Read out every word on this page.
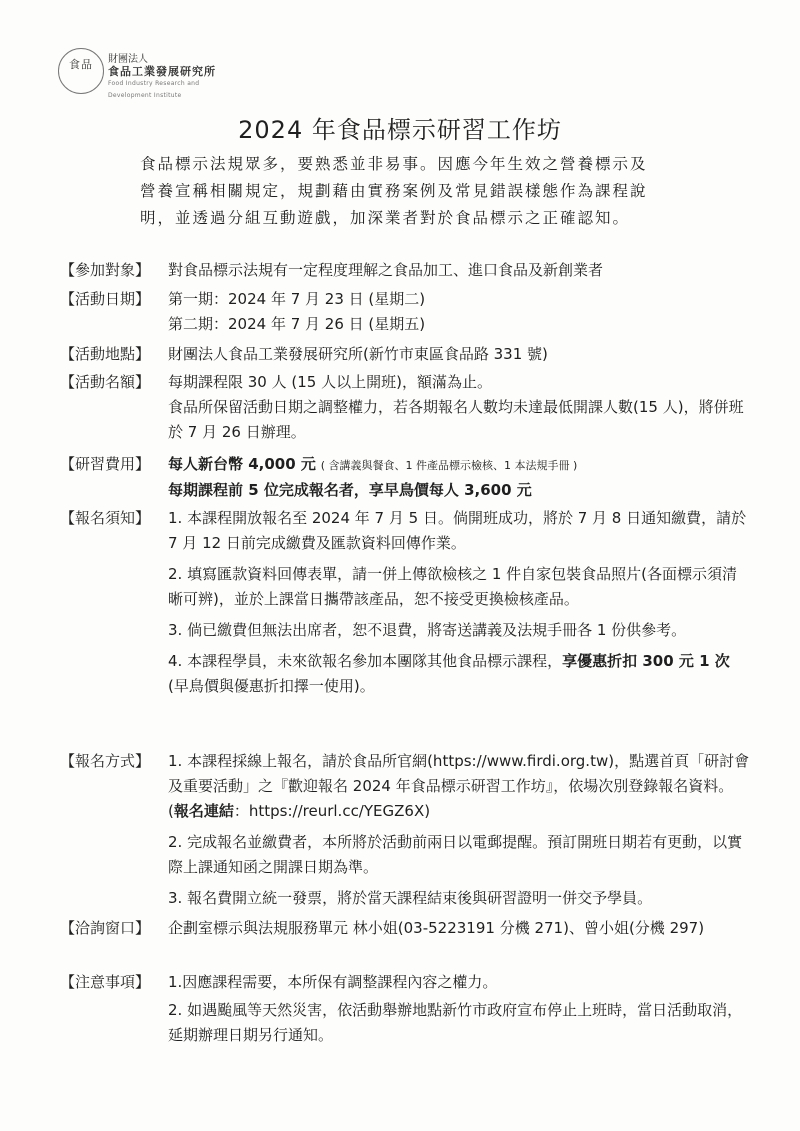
食品	財團法人
食品工業發展研究所
Food Industry Research and Development Institute
2024 年食品標示研習工作坊

食品標示法規眾多，要熟悉並非易事。因應今年生效之營養標示及

營養宣稱相關規定，規劃藉由實務案例及常見錯誤樣態作為課程說

明，並透過分組互動遊戲，加深業者對於食品標示之正確認知。

【參加對象】	對食品標示法規有一定程度理解之食品加工、進口食品及新創業者

【活動日期】	第一期：2024 年 7 月 23 日 (星期二)

第二期：2024 年 7 月 26 日 (星期五)

【活動地點】	財團法人食品工業發展研究所(新竹市東區食品路 331 號)

【活動名額】	每期課程限 30 人 (15 人以上開班)，額滿為止。

食品所保留活動日期之調整權力，若各期報名人數均未達最低開課人數(15 人)，將併班於 7 月 26 日辦理。

【研習費用】	每人新台幣 4,000 元 ( 含講義與餐食、1 件產品標示檢核、1 本法規手冊 )

每期課程前 5 位完成報名者，享早鳥價每人 3,600 元

【報名須知】	1. 本課程開放報名至 2024 年 7 月 5 日。倘開班成功，將於 7 月 8 日通知繳費，請於 7 月 12 日前完成繳費及匯款資料回傳作業。

2. 填寫匯款資料回傳表單，請一併上傳欲檢核之 1 件自家包裝食品照片(各面標示須清晰可辨)，並於上課當日攜帶該產品，恕不接受更換檢核產品。

3. 倘已繳費但無法出席者，恕不退費，將寄送講義及法規手冊各 1 份供參考。

4. 本課程學員，未來欲報名參加本團隊其他食品標示課程，享優惠折扣 300 元 1 次(早鳥價與優惠折扣擇一使用)。

【報名方式】	1. 本課程採線上報名，請於食品所官網(https://www.firdi.org.tw)，點選首頁「研討會及重要活動」之『歡迎報名 2024 年食品標示研習工作坊』，依場次別登錄報名資料。(報名連結：https://reurl.cc/YEGZ6X)

2. 完成報名並繳費者，本所將於活動前兩日以電郵提醒。預訂開班日期若有更動，以實際上課通知函之開課日期為準。

3. 報名費開立統一發票，將於當天課程結束後與研習證明一併交予學員。

【洽詢窗口】	企劃室標示與法規服務單元 林小姐(03-5223191 分機 271)、曾小姐(分機 297)

【注意事項】	1.因應課程需要，本所保有調整課程內容之權力。

2. 如遇颱風等天然災害，依活動舉辦地點新竹市政府宣布停止上班時，當日活動取消，延期辦理日期另行通知。
